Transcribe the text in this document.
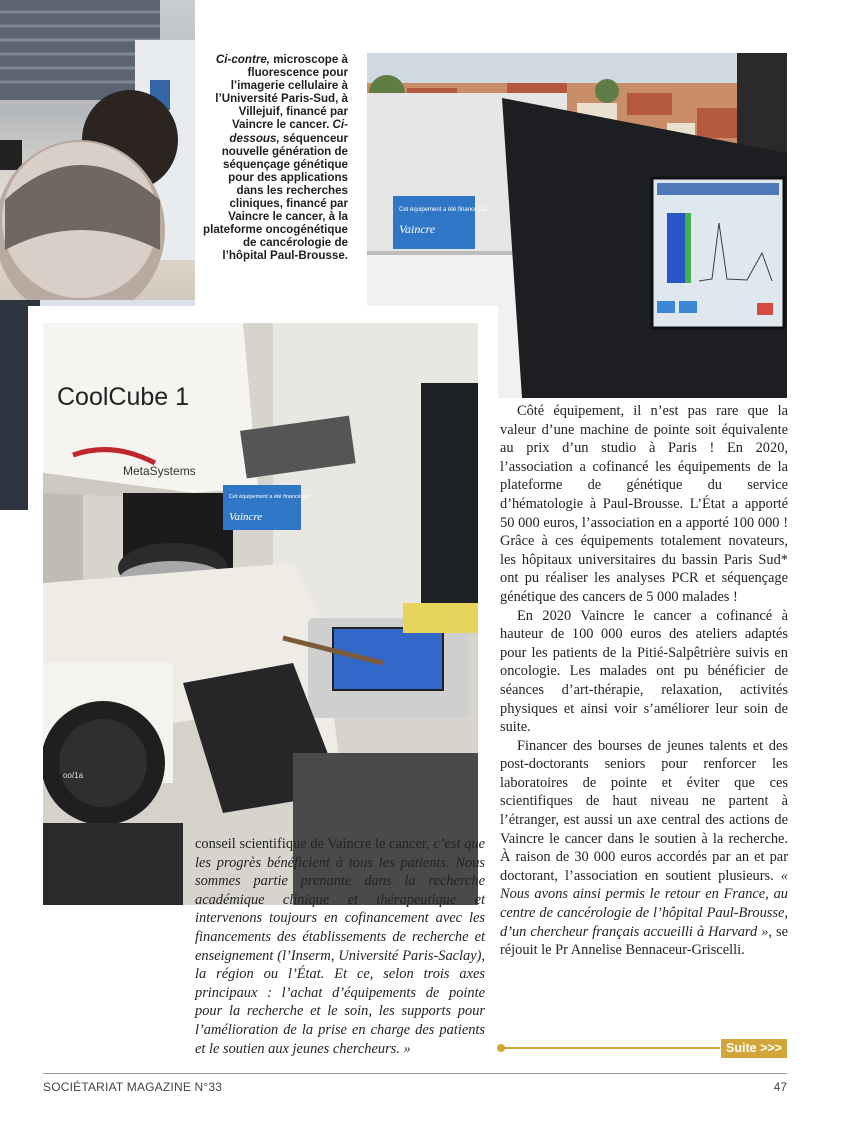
Ci-contre, microscope à fluorescence pour l’imagerie cellulaire à l’Université Paris-Sud, à Villejuif, financé par Vaincre le cancer. Ci-dessous, séquenceur nouvelle génération de séquençage génétique pour des applications dans les recherches cliniques, financé par Vaincre le cancer, à la plateforme oncogénétique de cancérologie de l’hôpital Paul-Brousse.
Cet équipement a été financé par
Vaincre
CoolCube 1
MetaSystems
Cet équipement a été financé par
Vaincre
oo/1a

conseil scientifique de Vaincre le cancer, c’est que les progrès bénéficient à tous les patients. Nous sommes partie prenante dans la recherche académique clinique et thérapeutique et intervenons toujours en cofinancement avec les financements des établissements de recherche et enseignement (l’Inserm, Université Paris-Saclay), la région ou l’État. Et ce, selon trois axes principaux : l’achat d’équipements de pointe pour la recherche et le soin, les supports pour l’amélioration de la prise en charge des patients et le soutien aux jeunes chercheurs. »

Côté équipement, il n’est pas rare que la valeur d’une machine de pointe soit équivalente au prix d’un studio à Paris ! En 2020, l’association a cofinancé les équipements de la plateforme de génétique du service d’hématologie à Paul-Brousse. L’État a apporté 50 000 euros, l’association en a apporté 100 000 ! Grâce à ces équipements totalement novateurs, les hôpitaux universitaires du bassin Paris Sud* ont pu réaliser les analyses PCR et séquençage génétique des cancers de 5 000 malades !

En 2020 Vaincre le cancer a cofinancé à hauteur de 100 000 euros des ateliers adaptés pour les patients de la Pitié-Salpêtrière suivis en oncologie. Les malades ont pu bénéficier de séances d’art-thérapie, relaxation, activités physiques et ainsi voir s’améliorer leur soin de suite.

Financer des bourses de jeunes talents et des post-doctorants seniors pour renforcer les laboratoires de pointe et éviter que ces scientifiques de haut niveau ne partent à l’étranger, est aussi un axe central des actions de Vaincre le cancer dans le soutien à la recherche. À raison de 30 000 euros accordés par an et par doctorant, l’association en soutient plusieurs. « Nous avons ainsi permis le retour en France, au centre de cancérologie de l’hôpital Paul-Brousse, d’un chercheur français accueilli à Harvard », se réjouit le Pr Annelise Bennaceur-Griscelli.

Suite >>>
SOCIÉTARIAT MAGAZINE N°33	47
